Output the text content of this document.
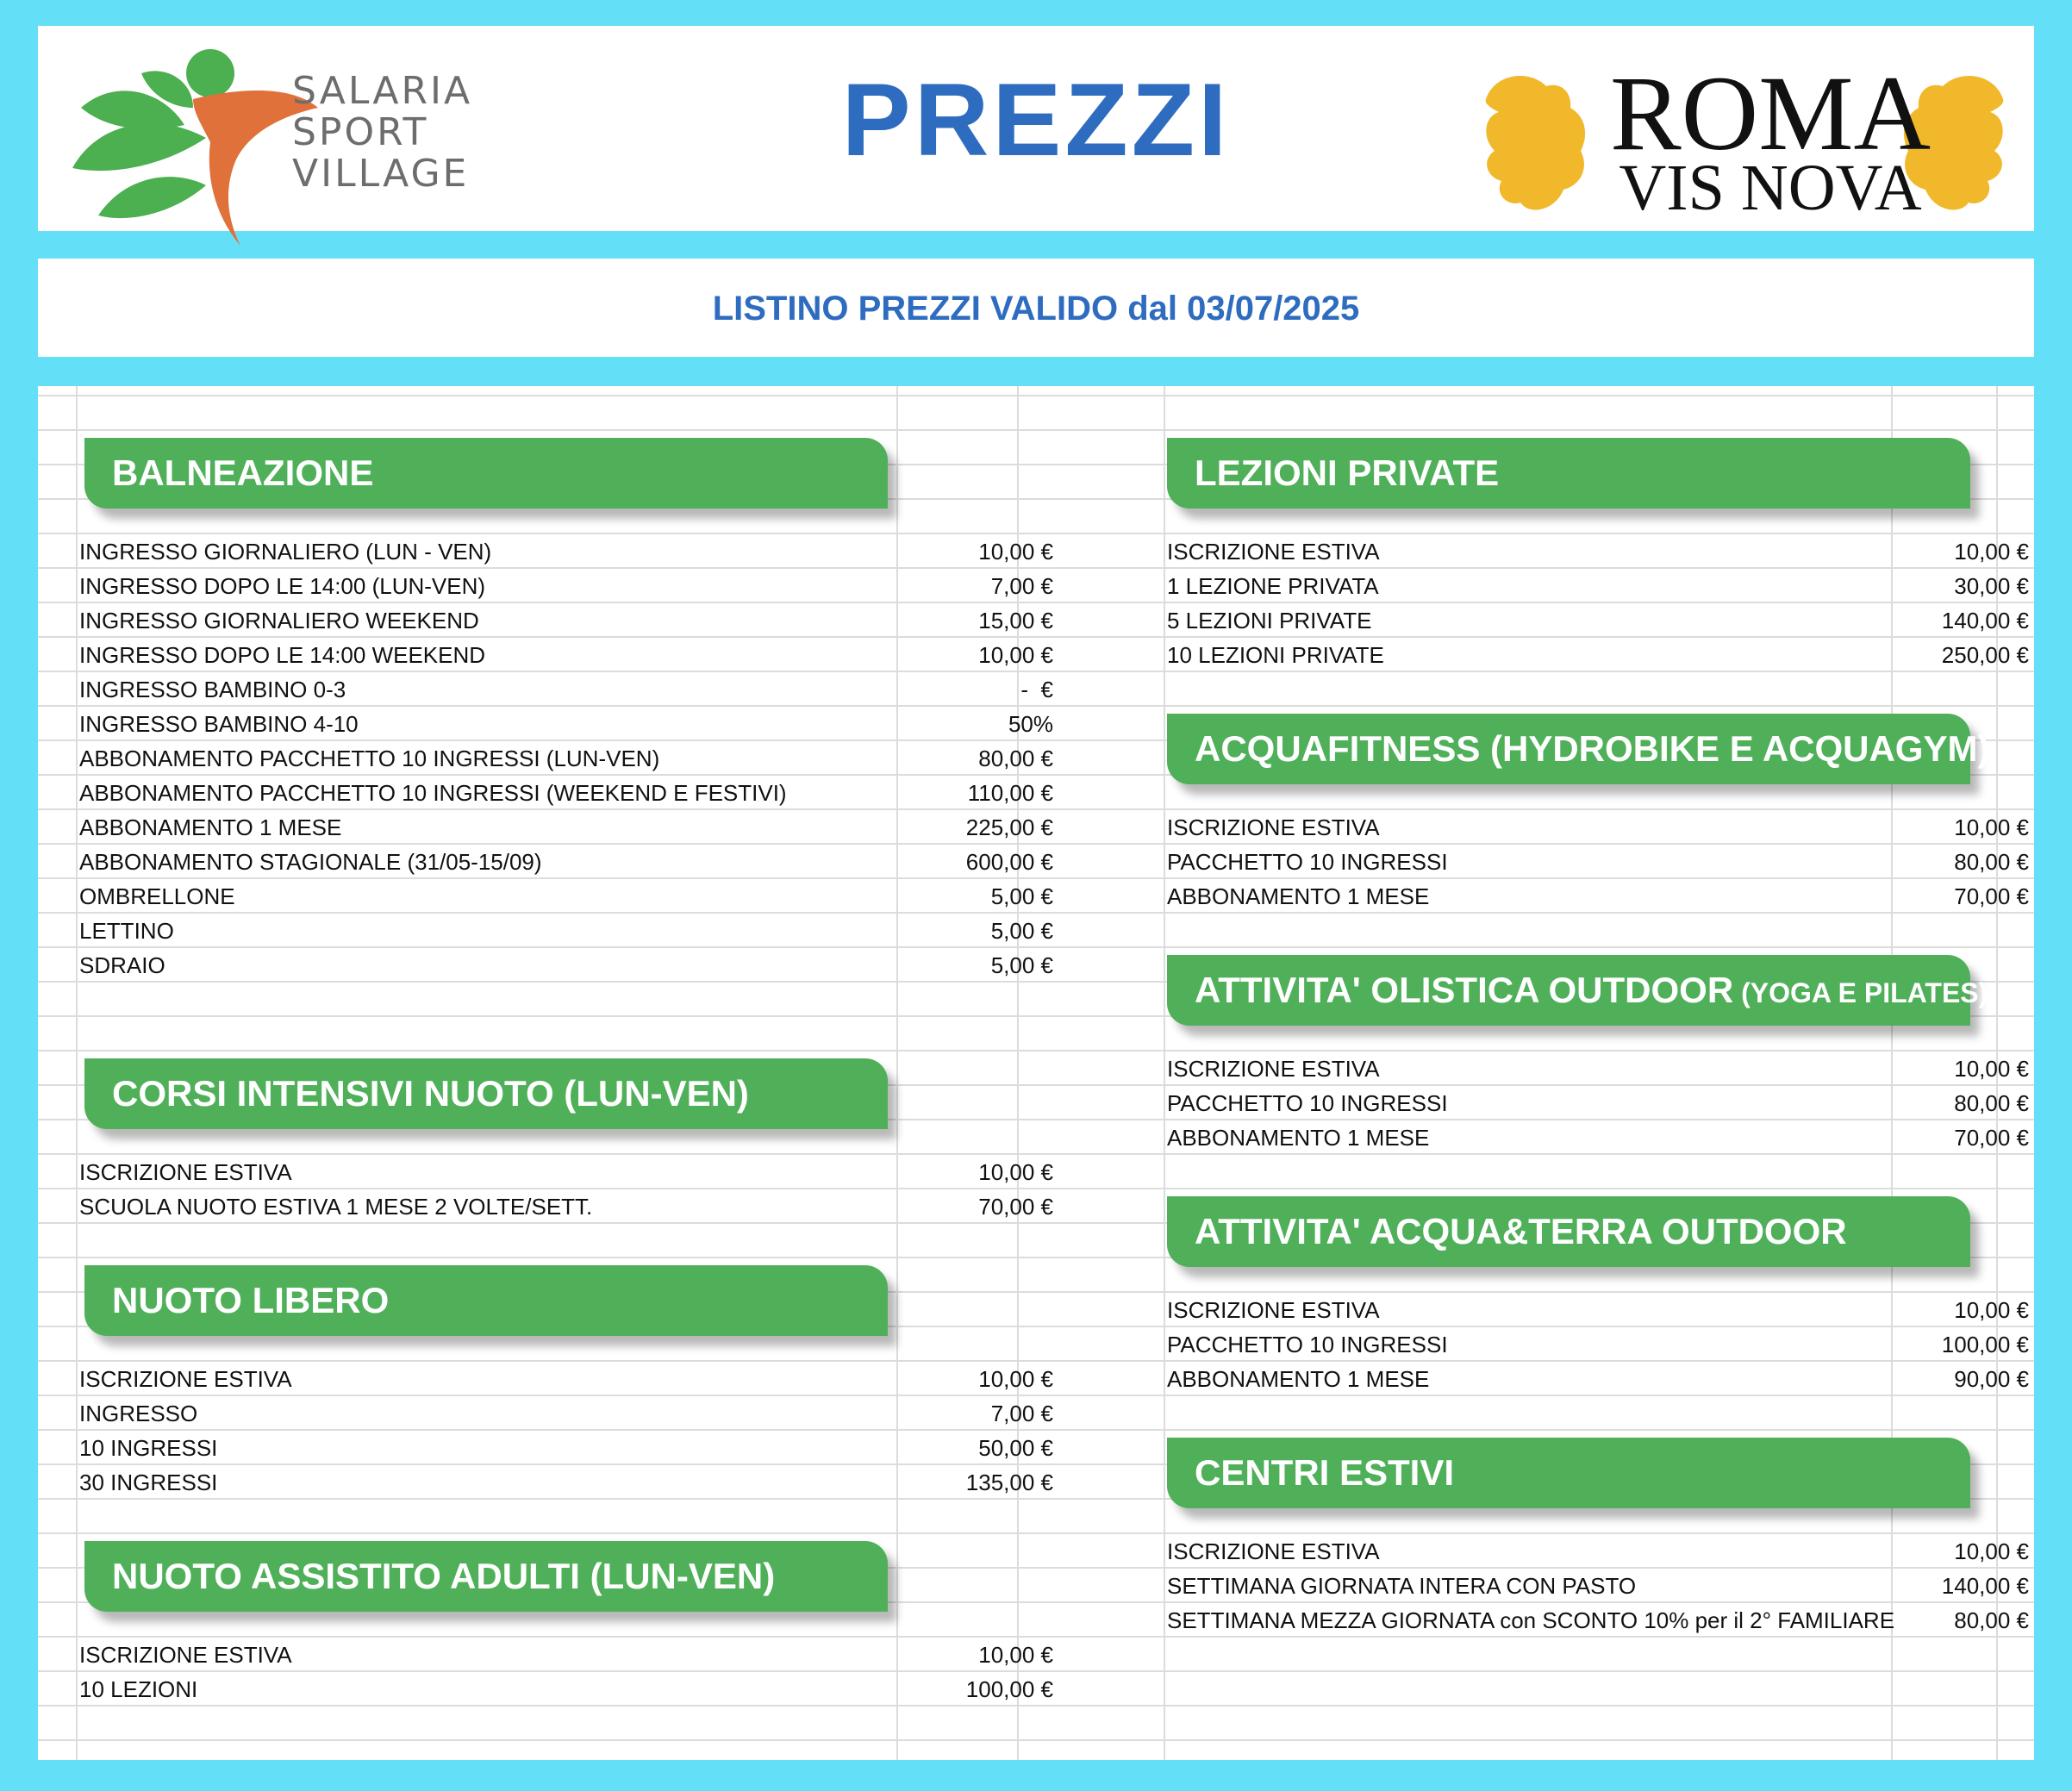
SALARIA
SPORT
VILLAGE	PREZZI	ROMA
VIS NOVA
LISTINO PREZZI VALIDO dal 03/07/2025
BALNEAZIONE
INGRESSO GIORNALIERO (LUN - VEN)	10,00 €
INGRESSO DOPO LE 14:00 (LUN-VEN)	7,00 €
INGRESSO GIORNALIERO WEEKEND	15,00 €
INGRESSO DOPO LE 14:00 WEEKEND	10,00 €
INGRESSO BAMBINO 0-3	-  €
INGRESSO BAMBINO 4-10	50%
ABBONAMENTO PACCHETTO 10 INGRESSI (LUN-VEN)	80,00 €
ABBONAMENTO PACCHETTO 10 INGRESSI (WEEKEND E FESTIVI)	110,00 €
ABBONAMENTO 1 MESE	225,00 €
ABBONAMENTO STAGIONALE (31/05-15/09)	600,00 €
OMBRELLONE	5,00 €
LETTINO	5,00 €
SDRAIO	5,00 €
CORSI INTENSIVI NUOTO (LUN-VEN)
ISCRIZIONE ESTIVA	10,00 €
SCUOLA NUOTO ESTIVA 1 MESE 2 VOLTE/SETT.	70,00 €
NUOTO LIBERO
ISCRIZIONE ESTIVA	10,00 €
INGRESSO	7,00 €
10 INGRESSI	50,00 €
30 INGRESSI	135,00 €
NUOTO ASSISTITO ADULTI (LUN-VEN)
ISCRIZIONE ESTIVA	10,00 €
10 LEZIONI	100,00 €
LEZIONI PRIVATE
ISCRIZIONE ESTIVA	10,00 €
1 LEZIONE PRIVATA	30,00 €
5 LEZIONI PRIVATE	140,00 €
10 LEZIONI PRIVATE	250,00 €
ACQUAFITNESS (HYDROBIKE E ACQUAGYM)
ISCRIZIONE ESTIVA	10,00 €
PACCHETTO 10 INGRESSI	80,00 €
ABBONAMENTO 1 MESE	70,00 €
ATTIVITA' OLISTICA OUTDOOR (YOGA E PILATES)
ISCRIZIONE ESTIVA	10,00 €
PACCHETTO 10 INGRESSI	80,00 €
ABBONAMENTO 1 MESE	70,00 €
ATTIVITA' ACQUA&TERRA OUTDOOR
ISCRIZIONE ESTIVA	10,00 €
PACCHETTO 10 INGRESSI	100,00 €
ABBONAMENTO 1 MESE	90,00 €
CENTRI ESTIVI
ISCRIZIONE ESTIVA	10,00 €
SETTIMANA GIORNATA INTERA CON PASTO	140,00 €
SETTIMANA MEZZA GIORNATA con SCONTO 10% per il 2° FAMILIARE	80,00 €
